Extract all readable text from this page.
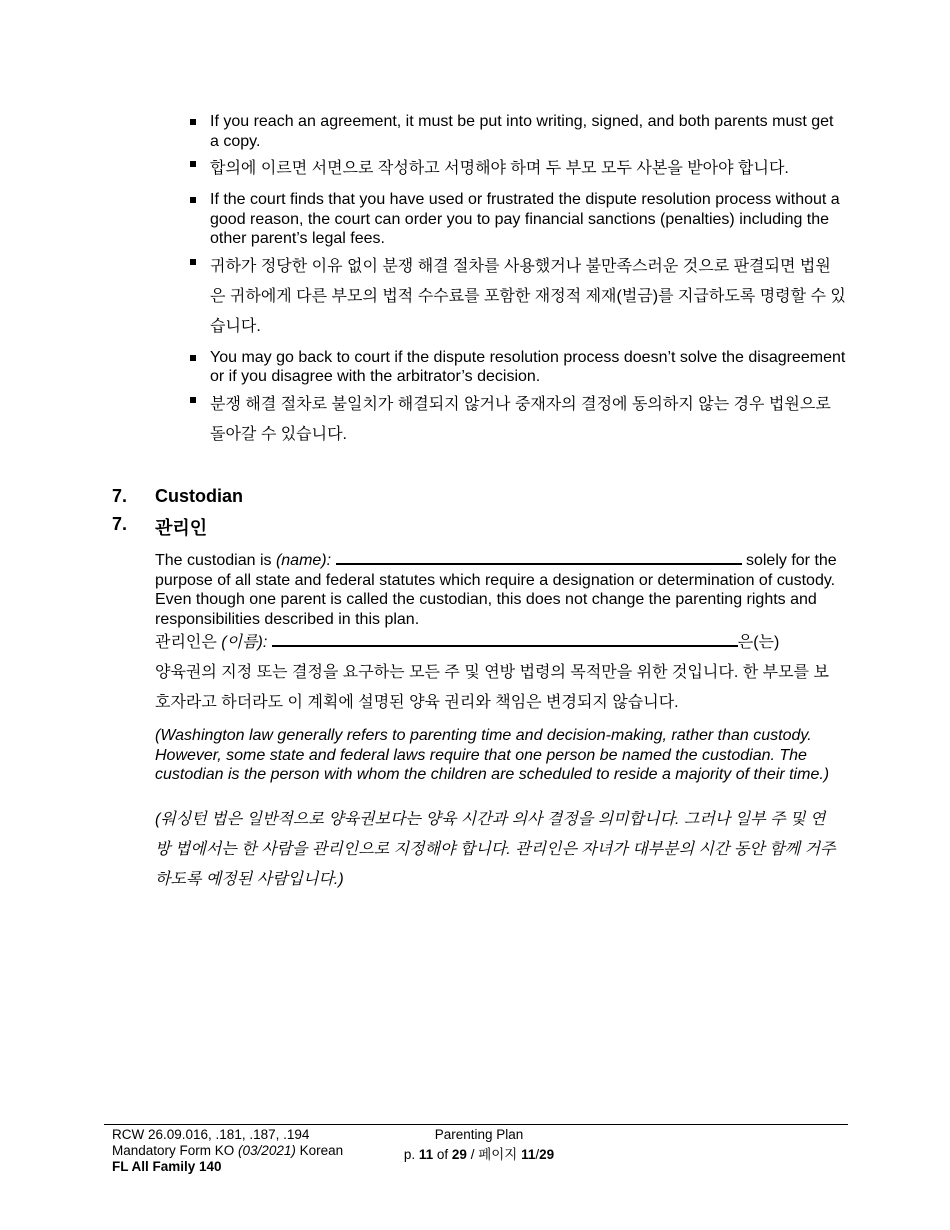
If you reach an agreement, it must be put into writing, signed, and both parents must get a copy.

합의에 이르면 서면으로 작성하고 서명해야 하며 두 부모 모두 사본을 받아야 합니다.

If the court finds that you have used or frustrated the dispute resolution process without a good reason, the court can order you to pay financial sanctions (penalties) including the other parent’s legal fees.

귀하가 정당한 이유 없이 분쟁 해결 절차를 사용했거나 불만족스러운 것으로 판결되면 법원은 귀하에게 다른 부모의 법적 수수료를 포함한 재정적 제재(벌금)를 지급하도록 명령할 수 있습니다.

You may go back to court if the dispute resolution process doesn’t solve the disagreement or if you disagree with the arbitrator’s decision.

분쟁 해결 절차로 불일치가 해결되지 않거나 중재자의 결정에 동의하지 않는 경우 법원으로 돌아갈 수 있습니다.

7. Custodian
7. 관리인
The custodian is (name):	solely for the purpose of all state and federal statutes which require a designation or determination of custody. Even though one parent is called the custodian, this does not change the parenting rights and responsibilities described in this plan.
관리인은 (이름):	은(는)
양육권의 지정 또는 결정을 요구하는 모든 주 및 연방 법령의 목적만을 위한 것입니다. 한 부모를 보호자라고 하더라도 이 계획에 설명된 양육 권리와 책임은 변경되지 않습니다.
(Washington law generally refers to parenting time and decision-making, rather than custody. However, some state and federal laws require that one person be named the custodian. The custodian is the person with whom the children are scheduled to reside a majority of their time.)
(워싱턴 법은 일반적으로 양육권보다는 양육 시간과 의사 결정을 의미합니다. 그러나 일부 주 및 연방 법에서는 한 사람을 관리인으로 지정해야 합니다. 관리인은 자녀가 대부분의 시간 동안 함께 거주하도록 예정된 사람입니다.)
RCW 26.09.016, .181, .187, .194
Mandatory Form KO (03/2021) Korean
FL All Family 140
Parenting Plan
p. 11 of 29 / 페이지 11/29
